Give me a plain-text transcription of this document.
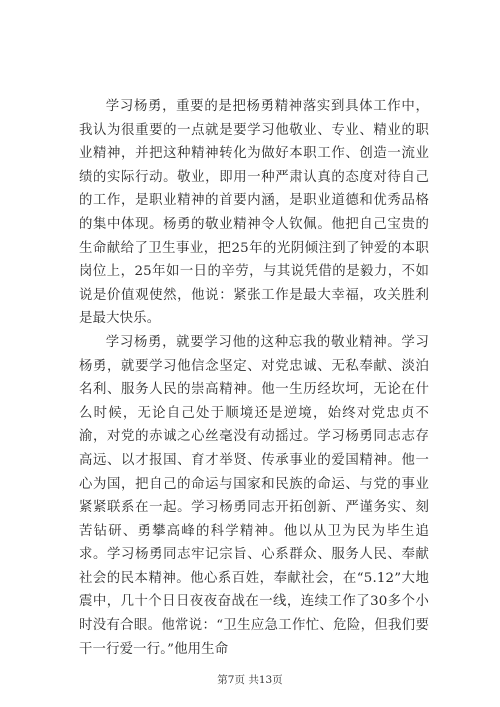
学习杨勇，重要的是把杨勇精神落实到具体工作中，我认为很重要的一点就是要学习他敬业、专业、精业的职业精神，并把这种精神转化为做好本职工作、创造一流业绩的实际行动。敬业，即用一种严肃认真的态度对待自己的工作，是职业精神的首要内涵，是职业道德和优秀品格的集中体现。杨勇的敬业精神令人钦佩。他把自己宝贵的生命献给了卫生事业，把25年的光阴倾注到了钟爱的本职岗位上，25年如一日的辛劳，与其说凭借的是毅力，不如说是价值观使然，他说：紧张工作是最大幸福，攻关胜利是最大快乐。

学习杨勇，就要学习他的这种忘我的敬业精神。学习杨勇，就要学习他信念坚定、对党忠诚、无私奉献、淡泊名利、服务人民的崇高精神。他一生历经坎坷，无论在什么时候，无论自己处于顺境还是逆境，始终对党忠贞不渝，对党的赤诚之心丝毫没有动摇过。学习杨勇同志志存高远、以才报国、育才举贤、传承事业的爱国精神。他一心为国，把自己的命运与国家和民族的命运、与党的事业紧紧联系在一起。学习杨勇同志开拓创新、严谨务实、刻苦钻研、勇攀高峰的科学精神。他以从卫为民为毕生追求。学习杨勇同志牢记宗旨、心系群众、服务人民、奉献社会的民本精神。他心系百姓，奉献社会，在“5.12”大地震中，几十个日日夜夜奋战在一线，连续工作了30多个小时没有合眼。他常说：“卫生应急工作忙、危险，但我们要干一行爱一行。”他用生命

第7页 共13页
